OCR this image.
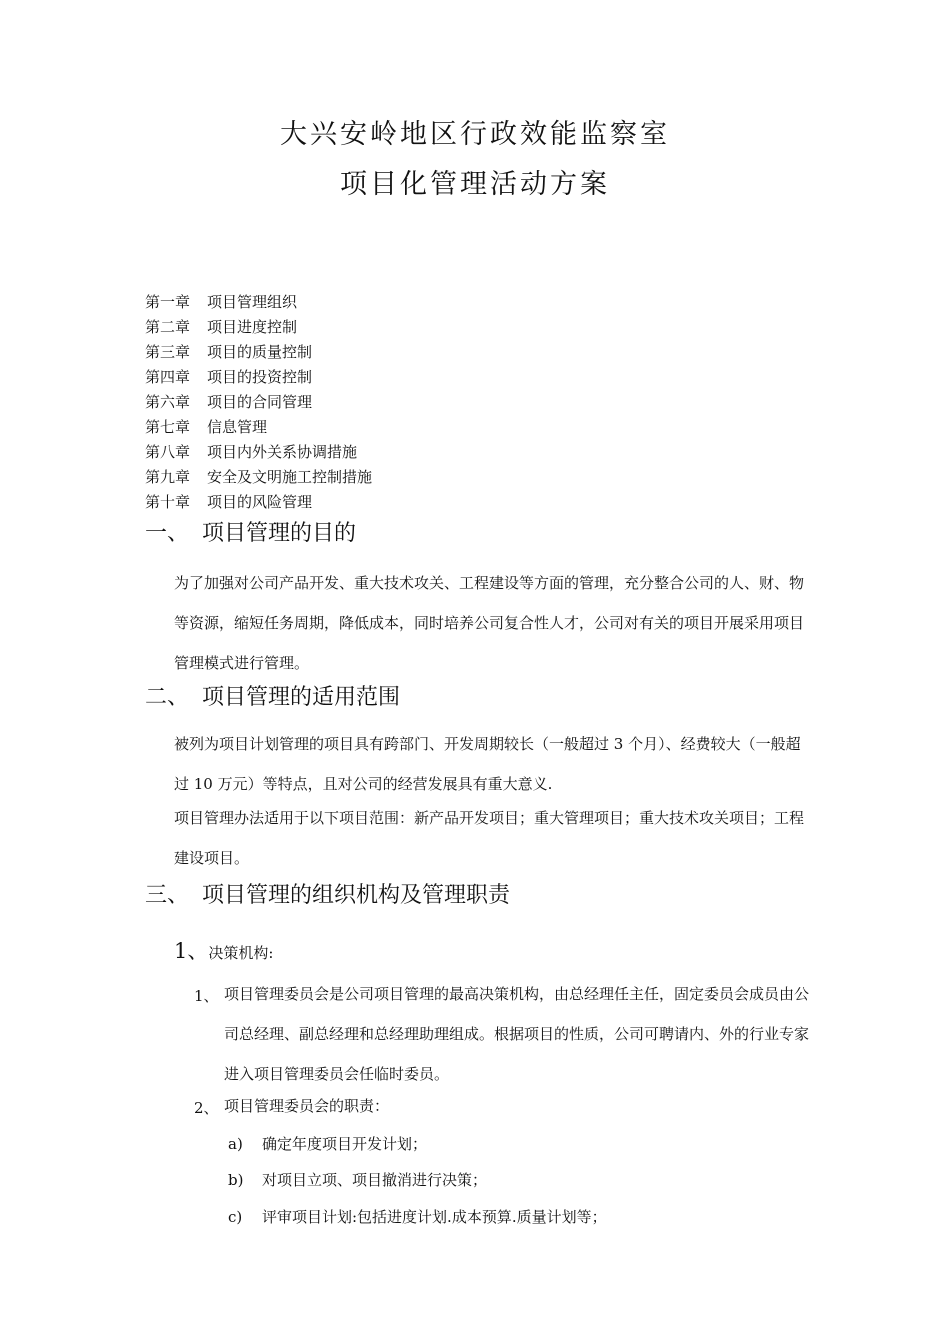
大兴安岭地区行政效能监察室
项目化管理活动方案
第一章 项目管理组织
第二章 项目进度控制
第三章 项目的质量控制
第四章 项目的投资控制
第六章 项目的合同管理
第七章 信息管理
第八章 项目内外关系协调措施
第九章 安全及文明施工控制措施
第十章 项目的风险管理
一、 项目管理的目的

为了加强对公司产品开发、重大技术攻关、工程建设等方面的管理，充分整合公司的人、财、物等资源，缩短任务周期，降低成本，同时培养公司复合性人才，公司对有关的项目开展采用项目管理模式进行管理。

二、 项目管理的适用范围

被列为项目计划管理的项目具有跨部门、开发周期较长（一般超过 3 个月）、经费较大（一般超过 10 万元）等特点，且对公司的经营发展具有重大意义.

项目管理办法适用于以下项目范围：新产品开发项目；重大管理项目；重大技术攻关项目；工程建设项目。

三、 项目管理的组织机构及管理职责
1、决策机构:
1、 项目管理委员会是公司项目管理的最高决策机构，由总经理任主任，固定委员会成员由公司总经理、副总经理和总经理助理组成。根据项目的性质，公司可聘请内、外的行业专家进入项目管理委员会任临时委员。

2、 项目管理委员会的职责：

a) 确定年度项目开发计划；

b) 对项目立项、项目撤消进行决策；

c) 评审项目计划:包括进度计划.成本预算.质量计划等；
